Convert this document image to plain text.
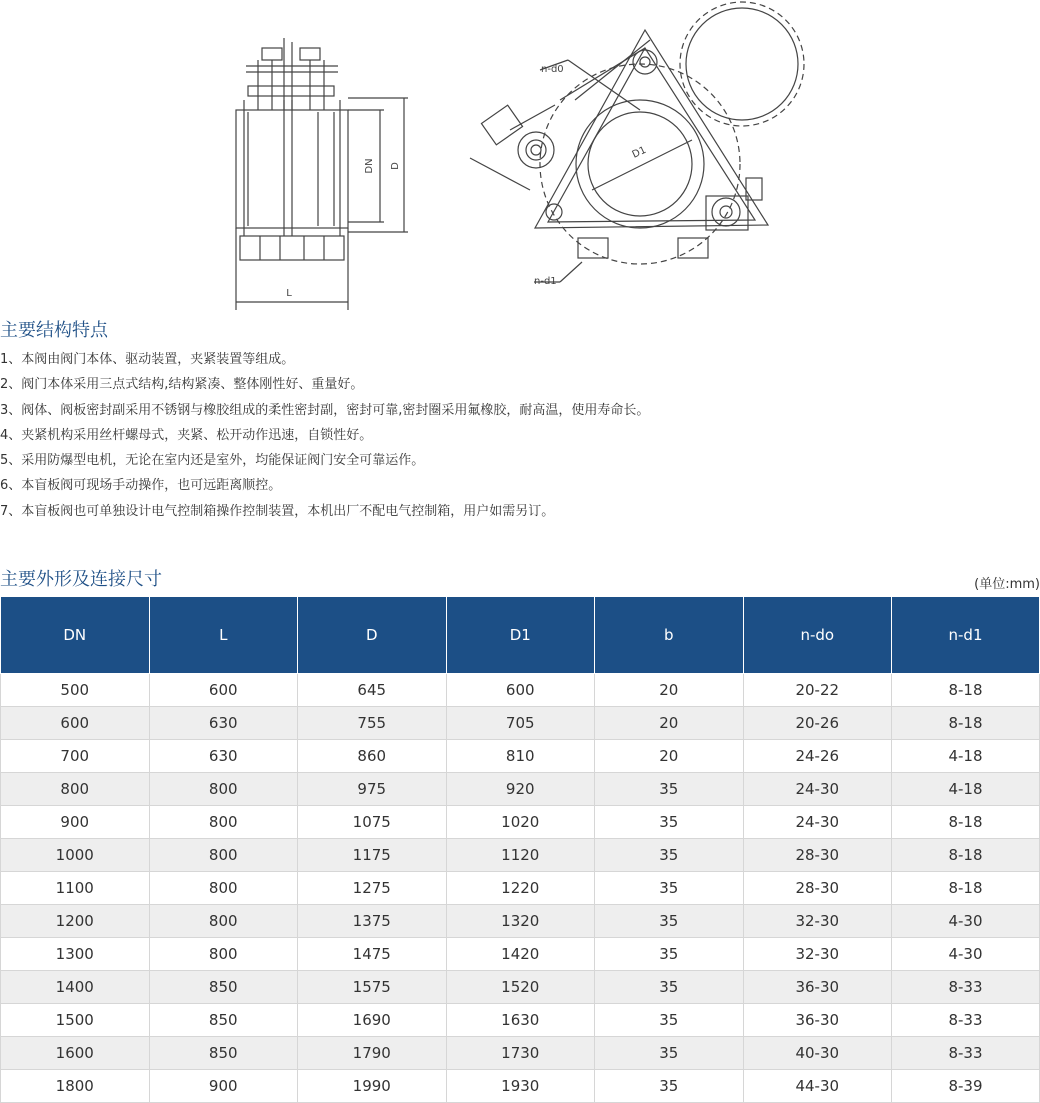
L
DN D
D1
n-d0
n-d1
主要结构特点
1、本阀由阀门本体、驱动装置，夹紧装置等组成。
2、阀门本体采用三点式结构,结构紧凑、整体刚性好、重量好。
3、阀体、阀板密封副采用不锈钢与橡胶组成的柔性密封副，密封可靠,密封圈采用氟橡胶，耐高温，使用寿命长。
4、夹紧机构采用丝杆螺母式，夹紧、松开动作迅速，自锁性好。
5、采用防爆型电机，无论在室内还是室外，均能保证阀门安全可靠运作。
6、本盲板阀可现场手动操作，也可远距离顺控。
7、本盲板阀也可单独设计电气控制箱操作控制装置，本机出厂不配电气控制箱，用户如需另订。
主要外形及连接尺寸	(单位:mm)
DN	L	D	D1	b	n-do	n-d1
500	600	645	600	20	20-22	8-18
600	630	755	705	20	20-26	8-18
700	630	860	810	20	24-26	4-18
800	800	975	920	35	24-30	4-18
900	800	1075	1020	35	24-30	8-18
1000	800	1175	1120	35	28-30	8-18
1100	800	1275	1220	35	28-30	8-18
1200	800	1375	1320	35	32-30	4-30
1300	800	1475	1420	35	32-30	4-30
1400	850	1575	1520	35	36-30	8-33
1500	850	1690	1630	35	36-30	8-33
1600	850	1790	1730	35	40-30	8-33
1800	900	1990	1930	35	44-30	8-39
